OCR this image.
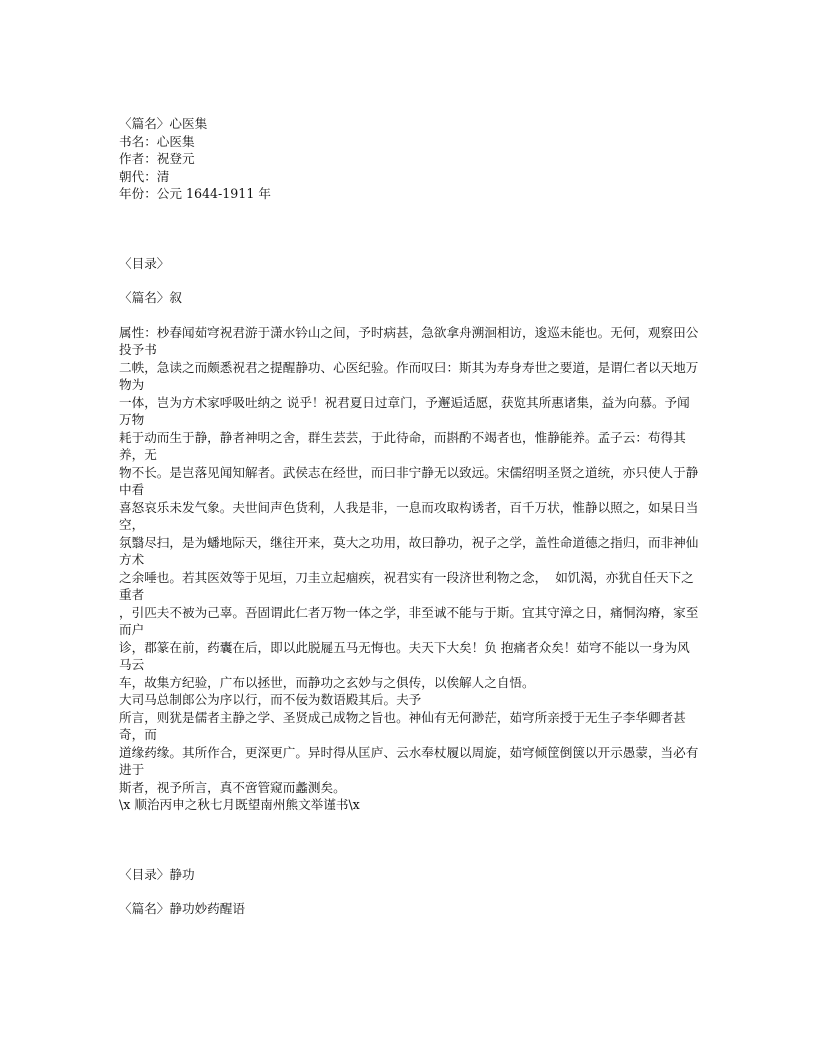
〈篇名〉心医集

书名：心医集

作者：祝登元

朝代：清

年份：公元 1644-1911 年

〈目录〉

〈篇名〉叙

属性：杪春闻茹穹祝君游于潇水钤山之间，予时病甚，急欲拿舟溯洄相访，逡巡未能也。无何，观察田公投予书

二帙，急读之而颇悉祝君之提醒静功、心医纪验。作而叹曰：斯其为寿身寿世之要道，是谓仁者以天地万物为

一体，岂为方术家呼吸吐纳之 说乎！祝君夏日过章门，予邂逅适愿，获览其所惠诸集，益为向慕。予闻万物

耗于动而生于静，静者神明之舍，群生芸芸，于此待命，而斟酌不竭者也，惟静能养。孟子云：苟得其养，无

物不长。是岂落见闻知解者。武侯志在经世，而曰非宁静无以致远。宋儒绍明圣贤之道统，亦只使人于静中看

喜怒哀乐未发气象。夫世间声色货利，人我是非，一息而攻取构诱者，百千万状，惟静以照之，如杲日当空，

氛翳尽扫，是为蟠地际天，继往开来，莫大之功用，故曰静功，祝子之学，盖性命道德之指归，而非神仙方术

之余唾也。若其医效等于见垣，刀圭立起痼疾，祝君实有一段济世利物之念，  如饥渴，亦犹自任天下之重者

，引匹夫不被为己辜。吾固谓此仁者万物一体之学，非至诚不能与于斯。宜其守漳之日，痛恫沟瘠，家至而户

诊，郡篆在前，药囊在后，即以此脱屣五马无悔也。夫天下大矣！负 抱痛者众矣！茹穹不能以一身为风马云

车，故集方纪验，广布以拯世，而静功之玄妙与之俱传，以俟解人之自悟。

大司马总制郎公为序以行，而不佞为数语殿其后。夫予

所言，则犹是儒者主静之学、圣贤成己成物之旨也。神仙有无何渺茫，茹穹所亲授于无生子李华卿者甚奇，而

道缘药缘。其所作合，更深更广。异时得从匡庐、云水奉杖履以周旋，茹穹倾筐倒箧以开示愚蒙，当必有进于

斯者，视予所言，真不啻管窥而蠡测矣。

\x 顺治丙申之秋七月既望南州熊文举谨书\x

〈目录〉静功

〈篇名〉静功妙药醒语
